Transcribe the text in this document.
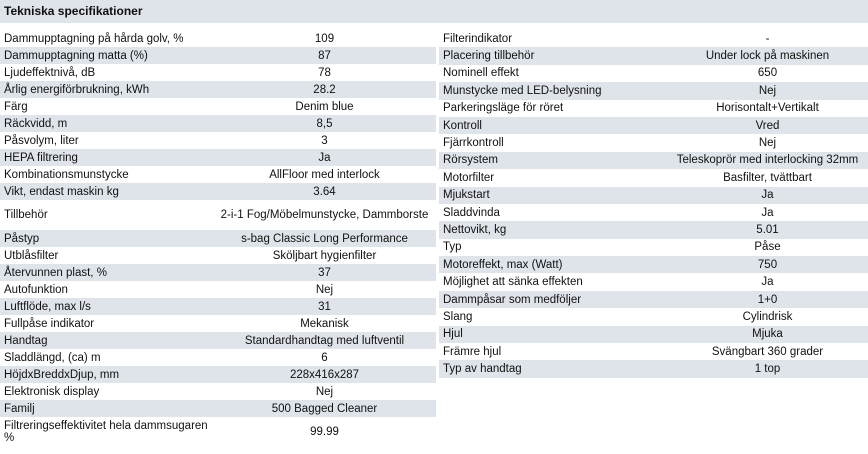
Tekniska specifikationer
Dammupptagning på hårda golv, %	109
Dammupptagning matta (%)	87
Ljudeffektnivå, dB	78
Årlig energiförbrukning, kWh	28.2
Färg	Denim blue
Räckvidd, m	8,5
Påsvolym, liter	3
HEPA filtrering	Ja
Kombinationsmunstycke	AllFloor med interlock
Vikt, endast maskin kg	3.64
Tillbehör	2-i-1 Fog/Möbelmunstycke, Dammborste
Påstyp	s-bag Classic Long Performance
Utblåsfilter	Sköljbart hygienfilter
Återvunnen plast, %	37
Autofunktion	Nej
Luftflöde, max l/s	31
Fullpåse indikator	Mekanisk
Handtag	Standardhandtag med luftventil
Sladdlängd, (ca) m	6
HöjdxBreddxDjup, mm	228x416x287
Elektronisk display	Nej
Familj	500 Bagged Cleaner
Filtreringseffektivitet hela dammsugaren %	99.99
Filterindikator	-
Placering tillbehör	Under lock på maskinen
Nominell effekt	650
Munstycke med LED-belysning	Nej
Parkeringsläge för röret	Horisontalt+Vertikalt
Kontroll	Vred
Fjärrkontroll	Nej
Rörsystem	Teleskoprör med interlocking 32mm
Motorfilter	Basfilter, tvättbart
Mjukstart	Ja
Sladdvinda	Ja
Nettovikt, kg	5.01
Typ	Påse
Motoreffekt, max (Watt)	750
Möjlighet att sänka effekten	Ja
Dammpåsar som medföljer	1+0
Slang	Cylindrisk
Hjul	Mjuka
Främre hjul	Svängbart 360 grader
Typ av handtag	1 top
